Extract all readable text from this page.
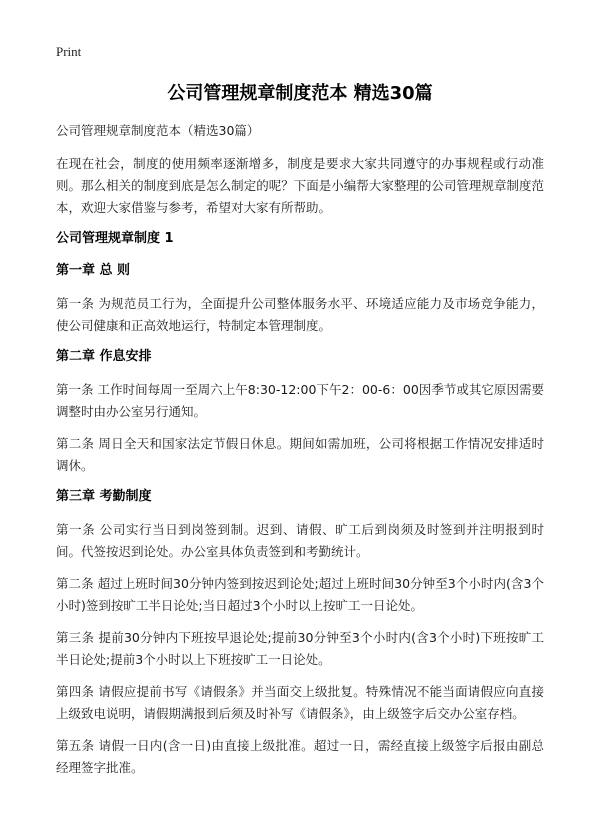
Print
公司管理规章制度范本 精选30篇
公司管理规章制度范本（精选30篇）
在现在社会，制度的使用频率逐渐增多，制度是要求大家共同遵守的办事规程或行动准则。那么相关的制度到底是怎么制定的呢？下面是小编帮大家整理的公司管理规章制度范本，欢迎大家借鉴与参考，希望对大家有所帮助。
公司管理规章制度 1
第一章 总 则
第一条 为规范员工行为，全面提升公司整体服务水平、环境适应能力及市场竞争能力，使公司健康和正高效地运行，特制定本管理制度。
第二章 作息安排
第一条 工作时间每周一至周六上午8:30-12:00下午2：00-6：00因季节或其它原因需要调整时由办公室另行通知。
第二条 周日全天和国家法定节假日休息。期间如需加班，公司将根据工作情况安排适时调休。
第三章 考勤制度
第一条 公司实行当日到岗签到制。迟到、请假、旷工后到岗须及时签到并注明报到时间。代签按迟到论处。办公室具体负责签到和考勤统计。
第二条 超过上班时间30分钟内签到按迟到论处;超过上班时间30分钟至3个小时内(含3个小时)签到按旷工半日论处;当日超过3个小时以上按旷工一日论处。
第三条 提前30分钟内下班按早退论处;提前30分钟至3个小时内(含3个小时)下班按旷工半日论处;提前3个小时以上下班按旷工一日论处。
第四条 请假应提前书写《请假条》并当面交上级批复。特殊情况不能当面请假应向直接上级致电说明，请假期满报到后须及时补写《请假条》，由上级签字后交办公室存档。
第五条 请假一日内(含一日)由直接上级批准。超过一日，需经直接上级签字后报由副总经理签字批准。
